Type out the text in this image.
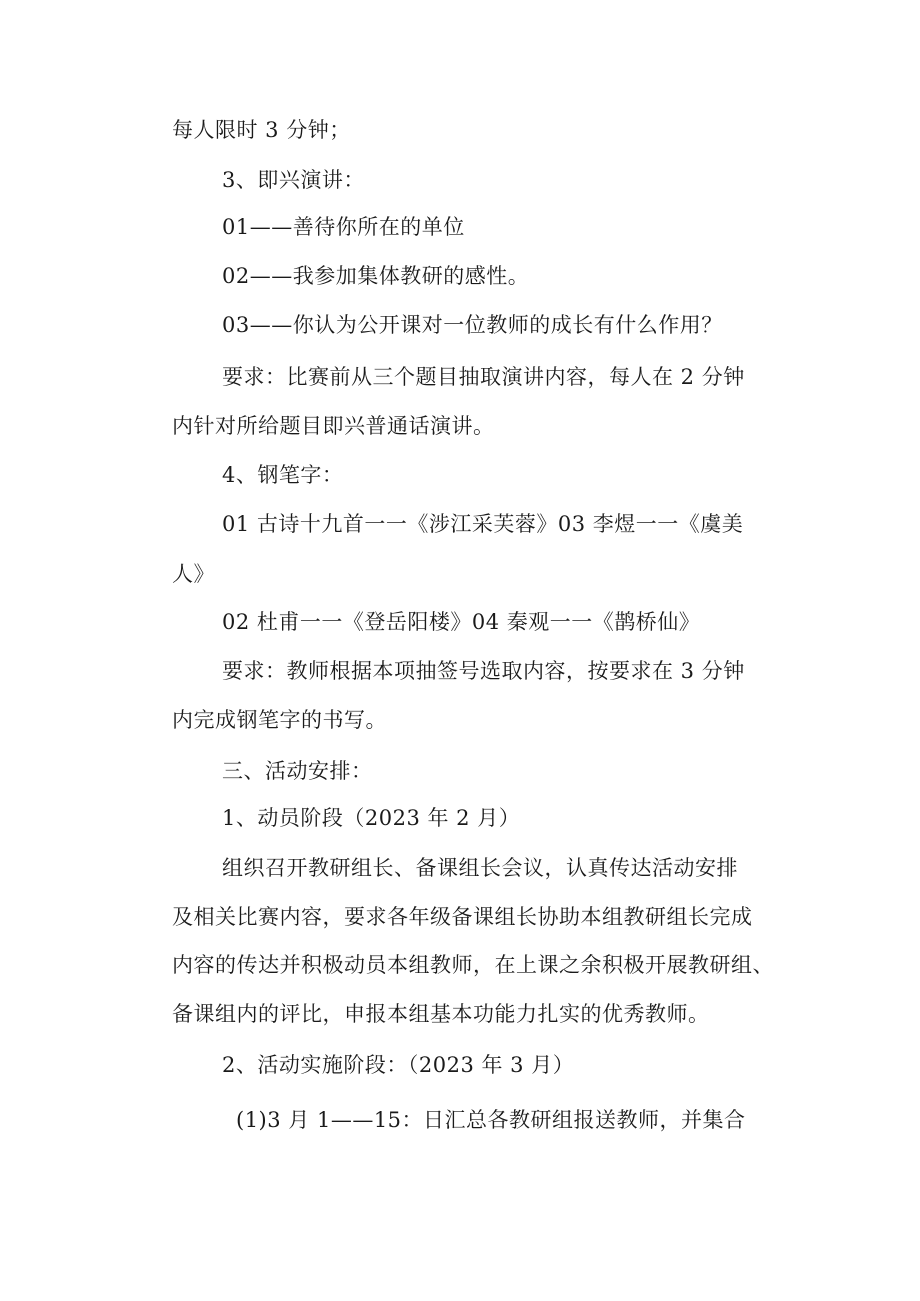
每人限时 3 分钟；

3、即兴演讲：

01——善待你所在的单位

02——我参加集体教研的感性。

03——你认为公开课对一位教师的成长有什么作用？

要求：比赛前从三个题目抽取演讲内容，每人在 2 分钟

内针对所给题目即兴普通话演讲。

4、钢笔字：

01 古诗十九首一一《涉江采芙蓉》03 李煜一一《虞美

人》

02 杜甫一一《登岳阳楼》04 秦观一一《鹊桥仙》

要求：教师根据本项抽签号选取内容，按要求在 3 分钟

内完成钢笔字的书写。

三、活动安排：

1、动员阶段（2023 年 2 月）

组织召开教研组长、备课组长会议，认真传达活动安排

及相关比赛内容，要求各年级备课组长协助本组教研组长完成

内容的传达并积极动员本组教师，在上课之余积极开展教研组、

备课组内的评比，申报本组基本功能力扎实的优秀教师。

2、活动实施阶段：（2023 年 3 月）

(1)3 月 1——15：日汇总各教研组报送教师，并集合
